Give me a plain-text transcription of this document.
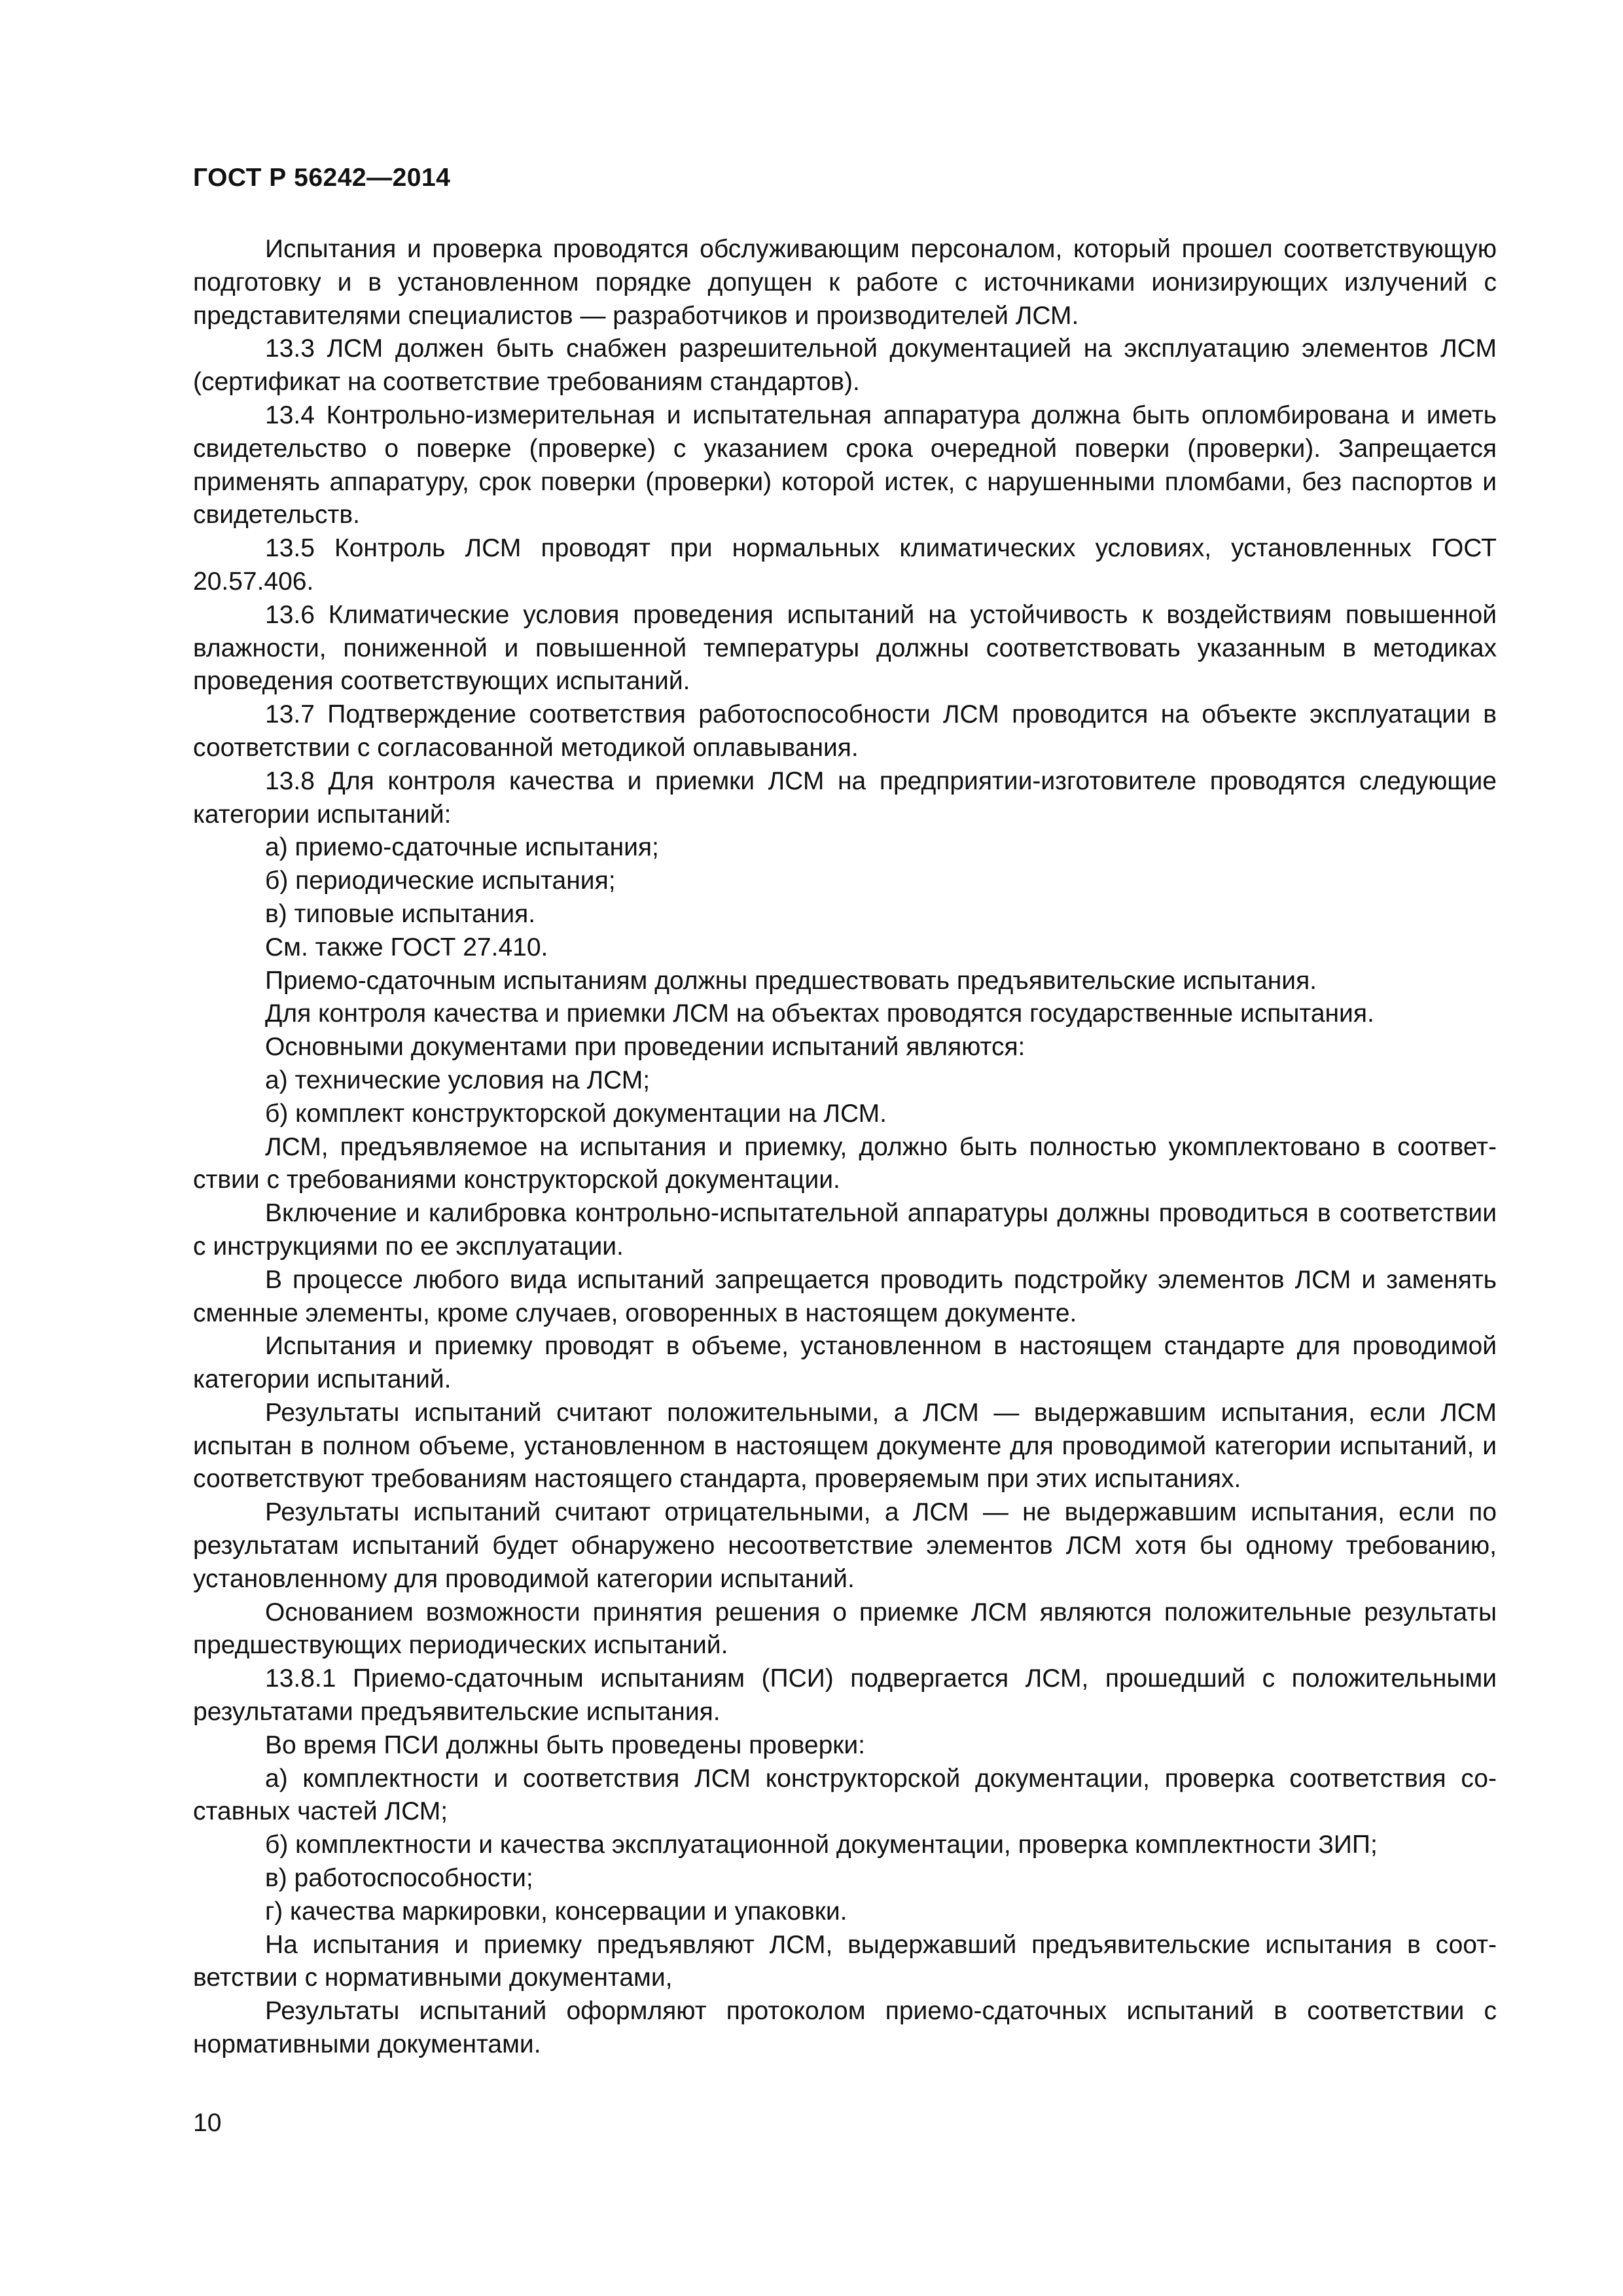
ГОСТ Р 56242—2014

Испытания и проверка проводятся обслуживающим персоналом, который прошел соответствующую подготовку и в установленном порядке допущен к работе с источниками ионизирующих излучений с представителями специалистов — разработчиков и производителей ЛСМ.

13.3 ЛСМ должен быть снабжен разрешительной документацией на эксплуатацию элементов ЛСМ (сертификат на соответствие требованиям стандартов).

13.4 Контрольно-измерительная и испытательная аппаратура должна быть опломбирована и иметь свидетельство о поверке (проверке) с указанием срока очередной поверки (проверки). Запрещается применять аппаратуру, срок поверки (проверки) которой истек, с нарушенными пломбами, без паспортов и свидетельств.

13.5 Контроль ЛСМ проводят при нормальных климатических условиях, установленных ГОСТ 20.57.406.

13.6 Климатические условия проведения испытаний на устойчивость к воздействиям повышенной влажности, пониженной и повышенной температуры должны соответствовать указанным в методиках проведения соответствующих испытаний.

13.7 Подтверждение соответствия работоспособности ЛСМ проводится на объекте эксплуатации в соответствии с согласованной методикой оплавывания.

13.8 Для контроля качества и приемки ЛСМ на предприятии-изготовителе проводятся следующие категории испытаний:

а) приемо-сдаточные испытания;

б) периодические испытания;

в) типовые испытания.

См. также ГОСТ 27.410.

Приемо-сдаточным испытаниям должны предшествовать предъявительские испытания.

Для контроля качества и приемки ЛСМ на объектах проводятся государственные испытания.

Основными документами при проведении испытаний являются:

а) технические условия на ЛСМ;

б) комплект конструкторской документации на ЛСМ.

ЛСМ, предъявляемое на испытания и приемку, должно быть полностью укомплектовано в соответствии с требованиями конструкторской документации.

Включение и калибровка контрольно-испытательной аппаратуры должны проводиться в соответствии с инструкциями по ее эксплуатации.

В процессе любого вида испытаний запрещается проводить подстройку элементов ЛСМ и заменять сменные элементы, кроме случаев, оговоренных в настоящем документе.

Испытания и приемку проводят в объеме, установленном в настоящем стандарте для проводимой категории испытаний.

Результаты испытаний считают положительными, а ЛСМ — выдержавшим испытания, если ЛСМ испытан в полном объеме, установленном в настоящем документе для проводимой категории испытаний, и соответствуют требованиям настоящего стандарта, проверяемым при этих испытаниях.

Результаты испытаний считают отрицательными, а ЛСМ — не выдержавшим испытания, если по результатам испытаний будет обнаружено несоответствие элементов ЛСМ хотя бы одному требованию, установленному для проводимой категории испытаний.

Основанием возможности принятия решения о приемке ЛСМ являются положительные результаты предшествующих периодических испытаний.

13.8.1 Приемо-сдаточным испытаниям (ПСИ) подвергается ЛСМ, прошедший с положительными результатами предъявительские испытания.

Во время ПСИ должны быть проведены проверки:

а) комплектности и соответствия ЛСМ конструкторской документации, проверка соответствия составных частей ЛСМ;

б) комплектности и качества эксплуатационной документации, проверка комплектности ЗИП;

в) работоспособности;

г) качества маркировки, консервации и упаковки.

На испытания и приемку предъявляют ЛСМ, выдержавший предъявительские испытания в соответствии с нормативными документами,

Результаты испытаний оформляют протоколом приемо-сдаточных испытаний в соответствии с нормативными документами.

10
